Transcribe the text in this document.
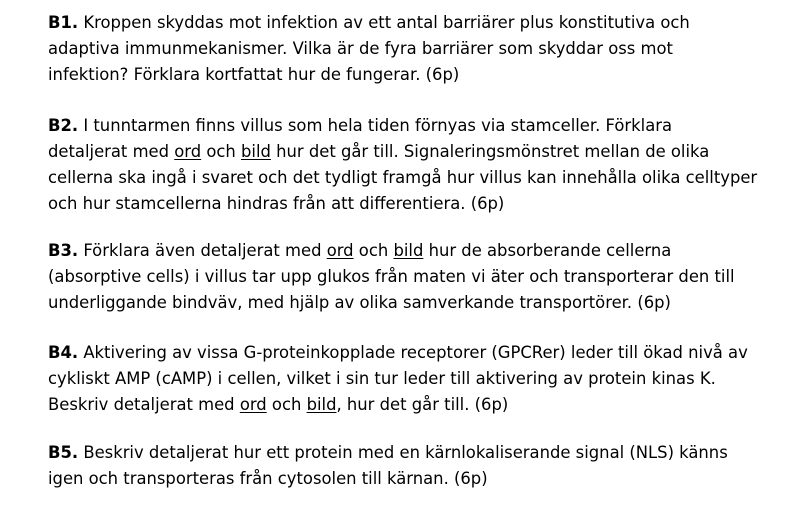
B1. Kroppen skyddas mot infektion av ett antal barriärer plus konstitutiva och
adaptiva immunmekanismer. Vilka är de fyra barriärer som skyddar oss mot
infektion? Förklara kortfattat hur de fungerar. (6p)

B2. I tunntarmen finns villus som hela tiden förnyas via stamceller. Förklara
detaljerat med ord och bild hur det går till. Signaleringsmönstret mellan de olika
cellerna ska ingå i svaret och det tydligt framgå hur villus kan innehålla olika celltyper
och hur stamcellerna hindras från att differentiera. (6p)

B3. Förklara även detaljerat med ord och bild hur de absorberande cellerna
(absorptive cells) i villus tar upp glukos från maten vi äter och transporterar den till
underliggande bindväv, med hjälp av olika samverkande transportörer. (6p)

B4. Aktivering av vissa G-proteinkopplade receptorer (GPCRer) leder till ökad nivå av
cykliskt AMP (cAMP) i cellen, vilket i sin tur leder till aktivering av protein kinas K.
Beskriv detaljerat med ord och bild, hur det går till. (6p)

B5. Beskriv detaljerat hur ett protein med en kärnlokaliserande signal (NLS) känns
igen och transporteras från cytosolen till kärnan. (6p)
